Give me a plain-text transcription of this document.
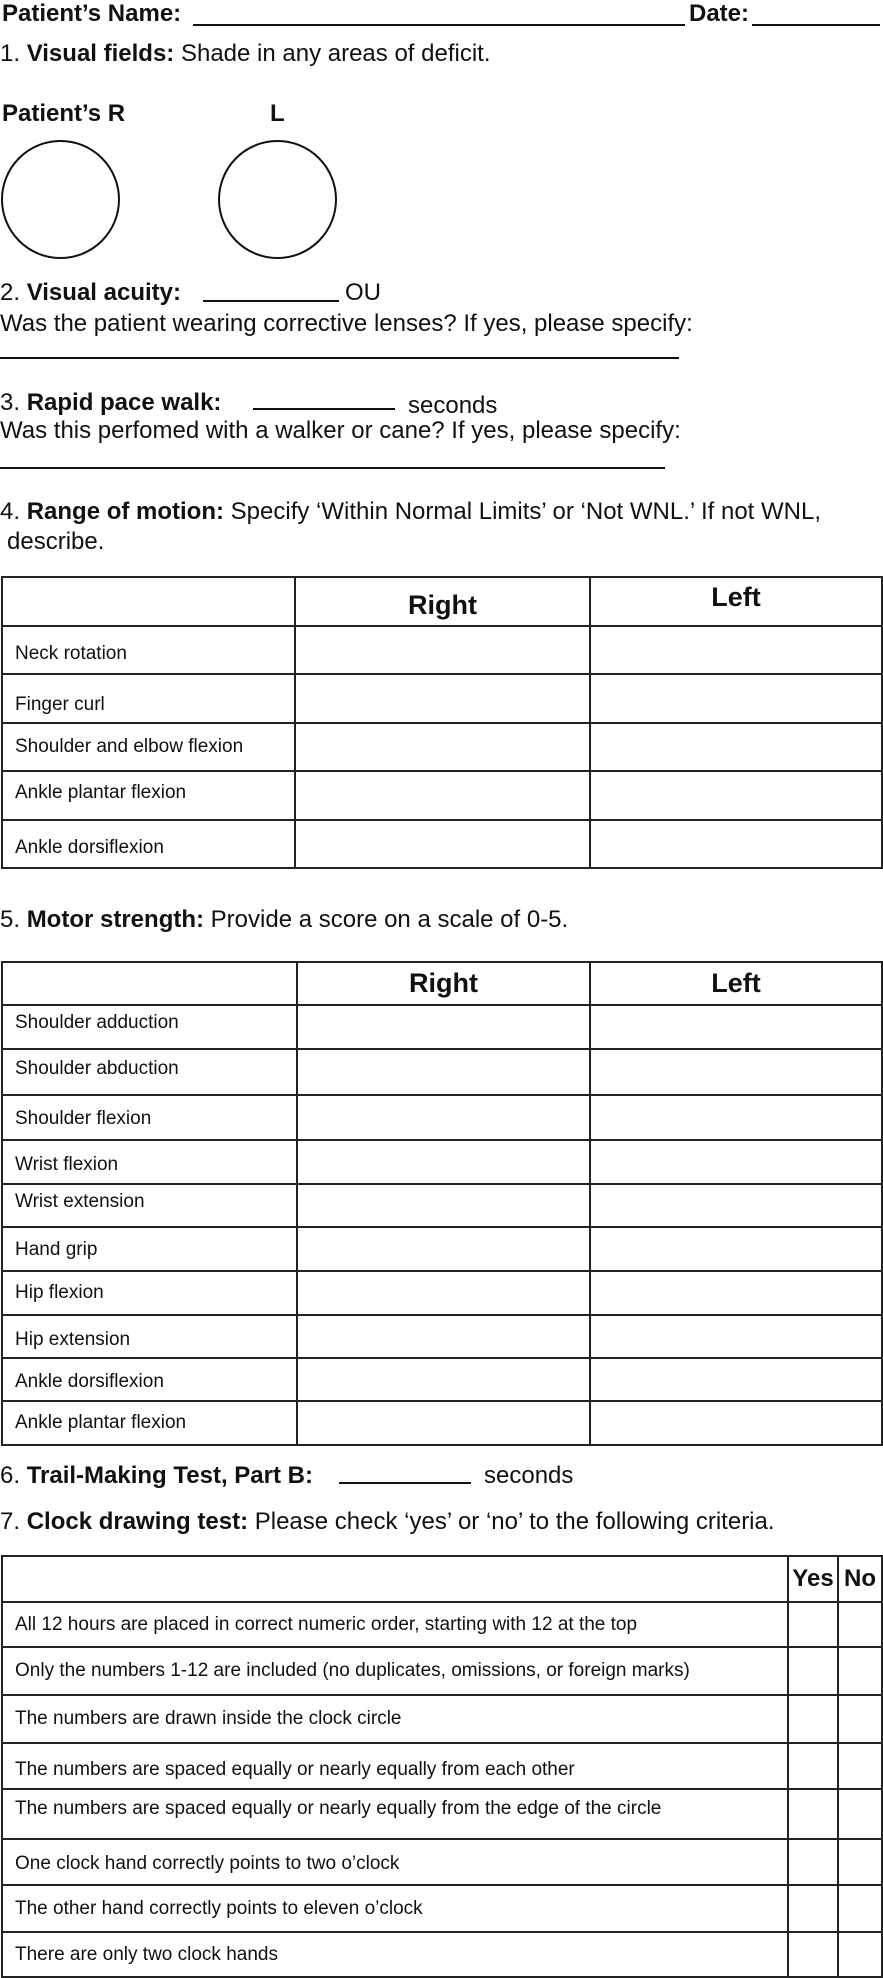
Patient’s Name:	Date:
1. Visual fields: Shade in any areas of deficit.
Patient’s R	L
2. Visual acuity:	OU
Was the patient wearing corrective lenses? If yes, please specify:
3. Rapid pace walk:	seconds
Was this perfomed with a walker or cane? If yes, please specify:
4. Range of motion: Specify ‘Within Normal Limits’ or ‘Not WNL.’ If not WNL,
describe.
	Right	Left
Neck rotation		
Finger curl		
Shoulder and elbow flexion		
Ankle plantar flexion		
Ankle dorsiflexion		
5. Motor strength: Provide a score on a scale of 0-5.
	Right	Left
Shoulder adduction		
Shoulder abduction		
Shoulder flexion		
Wrist flexion		
Wrist extension		
Hand grip		
Hip flexion		
Hip extension		
Ankle dorsiflexion		
Ankle plantar flexion		
6. Trail-Making Test, Part B:	seconds
7. Clock drawing test: Please check ‘yes’ or ‘no’ to the following criteria.
	Yes	No
All 12 hours are placed in correct numeric order, starting with 12 at the top		
Only the numbers 1-12 are included (no duplicates, omissions, or foreign marks)		
The numbers are drawn inside the clock circle		
The numbers are spaced equally or nearly equally from each other		
The numbers are spaced equally or nearly equally from the edge of the circle		
One clock hand correctly points to two o’clock		
The other hand correctly points to eleven o’clock		
There are only two clock hands		
